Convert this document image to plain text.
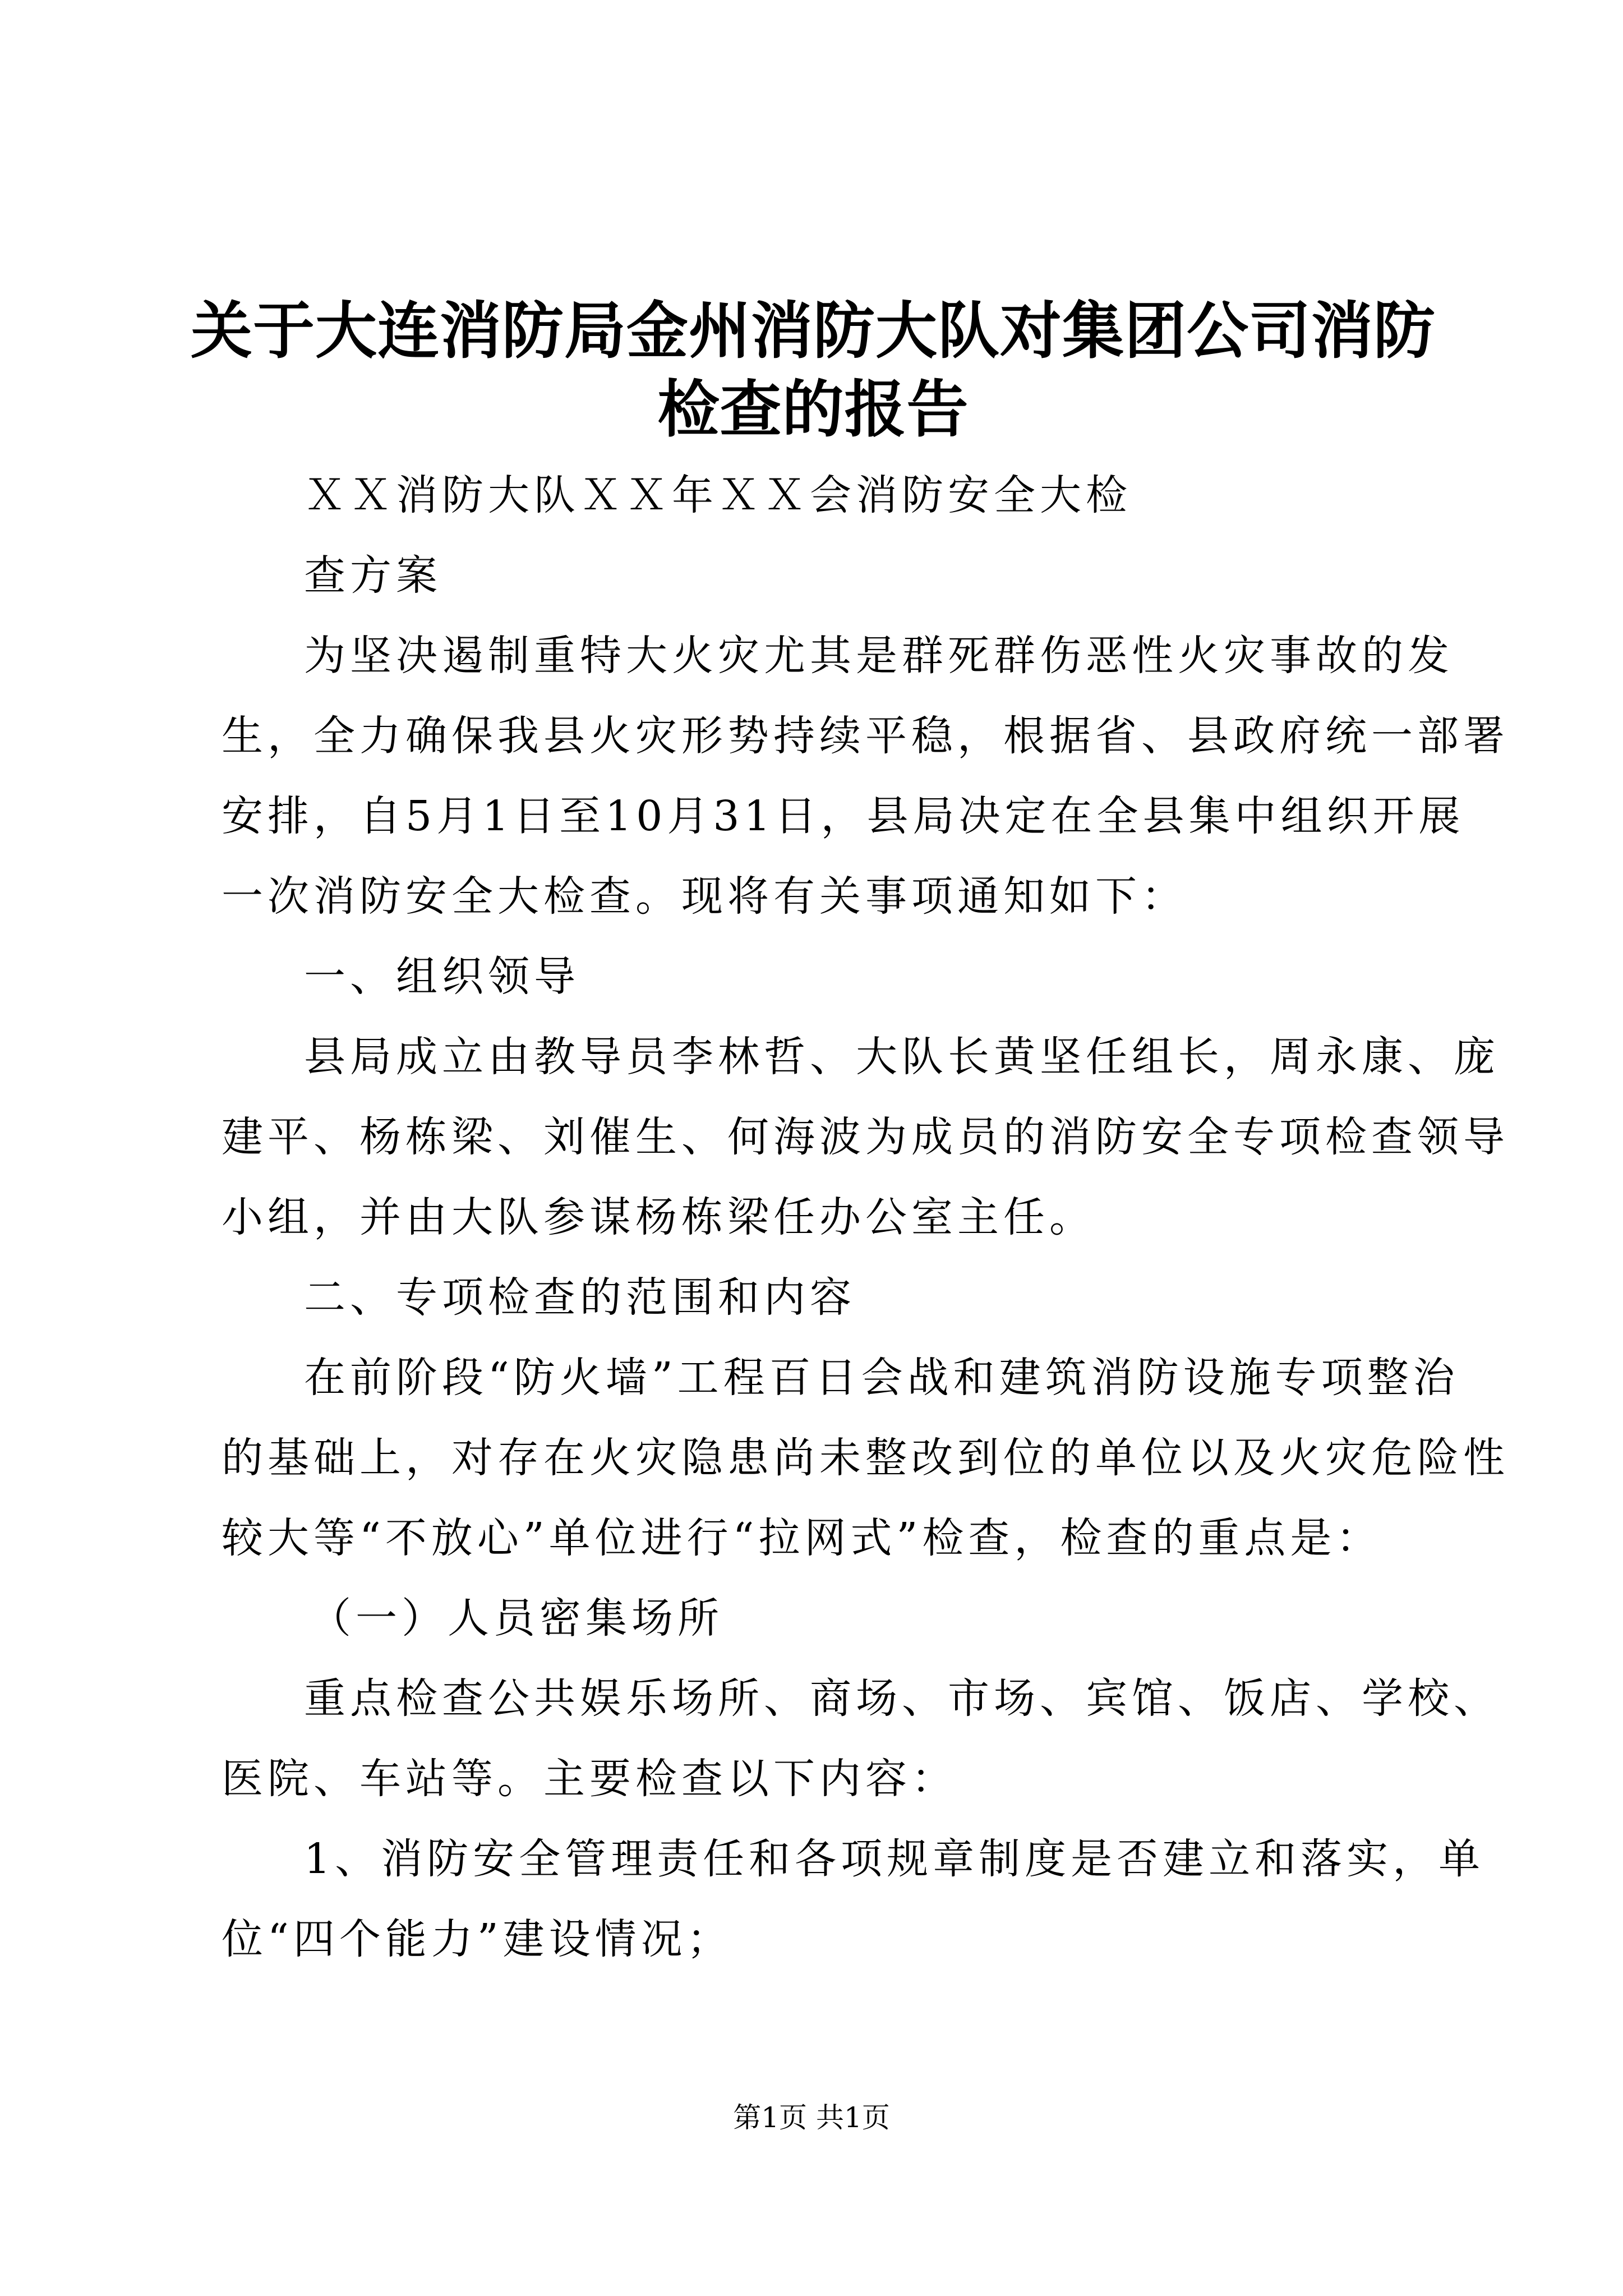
关于大连消防局金州消防大队对集团公司消防
检查的报告

ＸＸ消防大队ＸＸ年ＸＸ会消防安全大检

查方案

为坚决遏制重特大火灾尤其是群死群伤恶性火灾事故的发

生，全力确保我县火灾形势持续平稳，根据省、县政府统一部署

安排，自5月1日至10月31日，县局决定在全县集中组织开展

一次消防安全大检查。现将有关事项通知如下：

一、组织领导

县局成立由教导员李林哲、大队长黄坚任组长，周永康、庞

建平、杨栋梁、刘催生、何海波为成员的消防安全专项检查领导

小组，并由大队参谋杨栋梁任办公室主任。

二、专项检查的范围和内容

在前阶段“防火墙”工程百日会战和建筑消防设施专项整治

的基础上，对存在火灾隐患尚未整改到位的单位以及火灾危险性

较大等“不放心”单位进行“拉网式”检查，检查的重点是：

（一）人员密集场所

重点检查公共娱乐场所、商场、市场、宾馆、饭店、学校、

医院、车站等。主要检查以下内容：

1、消防安全管理责任和各项规章制度是否建立和落实，单

位“四个能力”建设情况；

第1页 共1页
